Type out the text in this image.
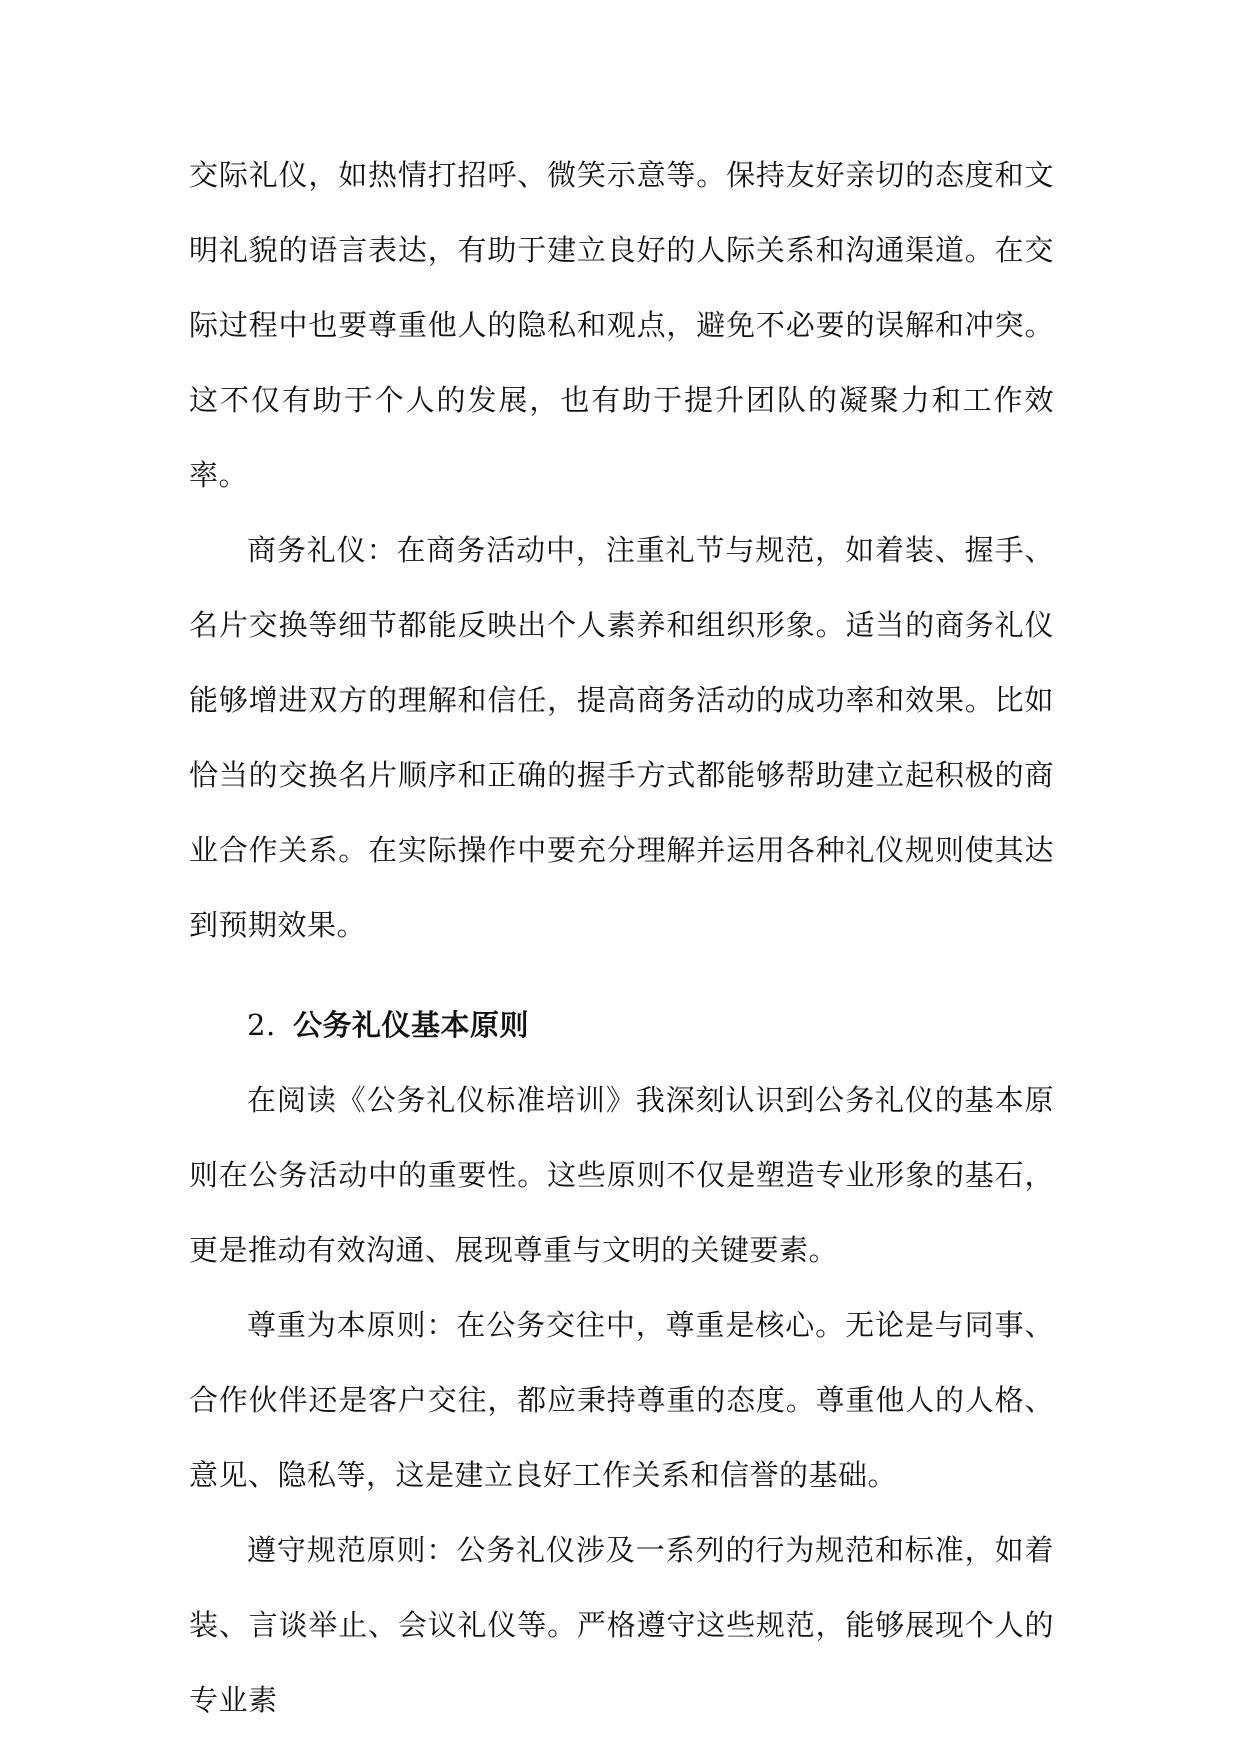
交际礼仪，如热情打招呼、微笑示意等。保持友好亲切的态度和文明礼貌的语言表达，有助于建立良好的人际关系和沟通渠道。在交际过程中也要尊重他人的隐私和观点，避免不必要的误解和冲突。这不仅有助于个人的发展，也有助于提升团队的凝聚力和工作效率。

商务礼仪：在商务活动中，注重礼节与规范，如着装、握手、名片交换等细节都能反映出个人素养和组织形象。适当的商务礼仪能够增进双方的理解和信任，提高商务活动的成功率和效果。比如恰当的交换名片顺序和正确的握手方式都能够帮助建立起积极的商业合作关系。在实际操作中要充分理解并运用各种礼仪规则使其达到预期效果。

2. 公务礼仪基本原则

在阅读《公务礼仪标准培训》我深刻认识到公务礼仪的基本原则在公务活动中的重要性。这些原则不仅是塑造专业形象的基石，更是推动有效沟通、展现尊重与文明的关键要素。

尊重为本原则：在公务交往中，尊重是核心。无论是与同事、合作伙伴还是客户交往，都应秉持尊重的态度。尊重他人的人格、意见、隐私等，这是建立良好工作关系和信誉的基础。

遵守规范原则：公务礼仪涉及一系列的行为规范和标准，如着装、言谈举止、会议礼仪等。严格遵守这些规范，能够展现个人的专业素
